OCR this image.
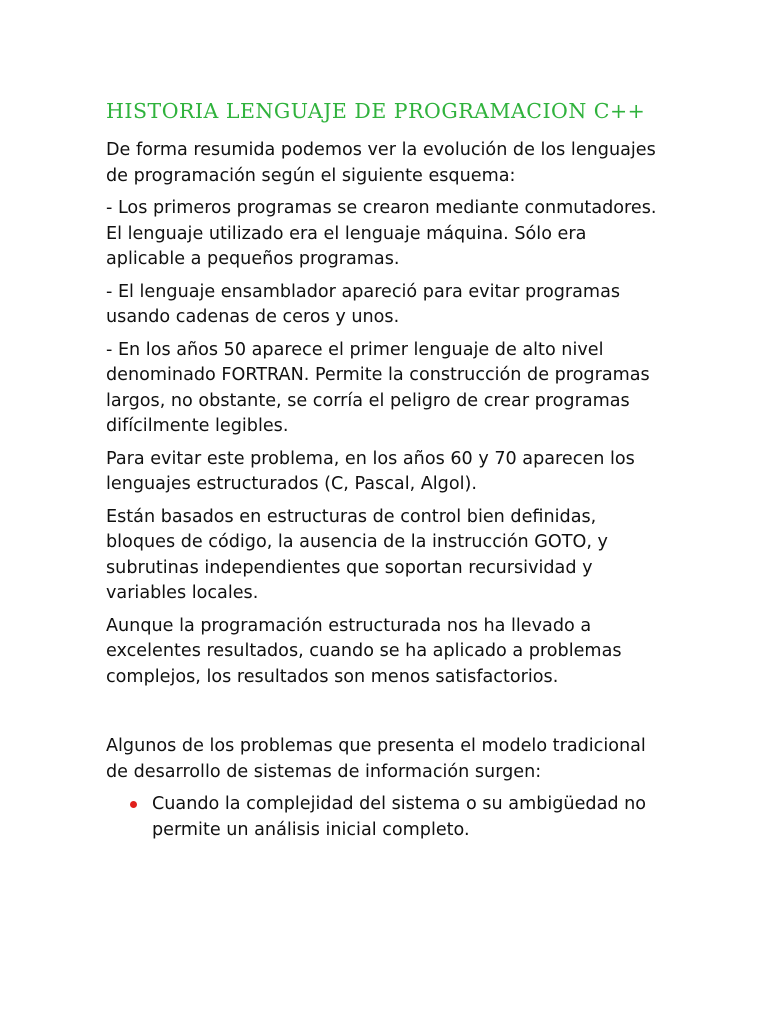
HISTORIA LENGUAJE DE PROGRAMACION C++

De forma resumida podemos ver la evolución de los lenguajes de programación según el siguiente esquema:

- Los primeros programas se crearon mediante conmutadores. El lenguaje utilizado era el lenguaje máquina. Sólo era aplicable a pequeños programas.

- El lenguaje ensamblador apareció para evitar programas usando cadenas de ceros y unos.

- En los años 50 aparece el primer lenguaje de alto nivel denominado FORTRAN. Permite la construcción de programas largos, no obstante, se corría el peligro de crear programas difícilmente legibles.

Para evitar este problema, en los años 60 y 70 aparecen los lenguajes estructurados (C, Pascal, Algol).

Están basados en estructuras de control bien definidas, bloques de código, la ausencia de la instrucción GOTO, y subrutinas independientes que soportan recursividad y variables locales.

Aunque la programación estructurada nos ha llevado a excelentes resultados, cuando se ha aplicado a problemas complejos, los resultados son menos satisfactorios.

Algunos de los problemas que presenta el modelo tradicional de desarrollo de sistemas de información surgen:

Cuando la complejidad del sistema o su ambigüedad no permite un análisis inicial completo.
